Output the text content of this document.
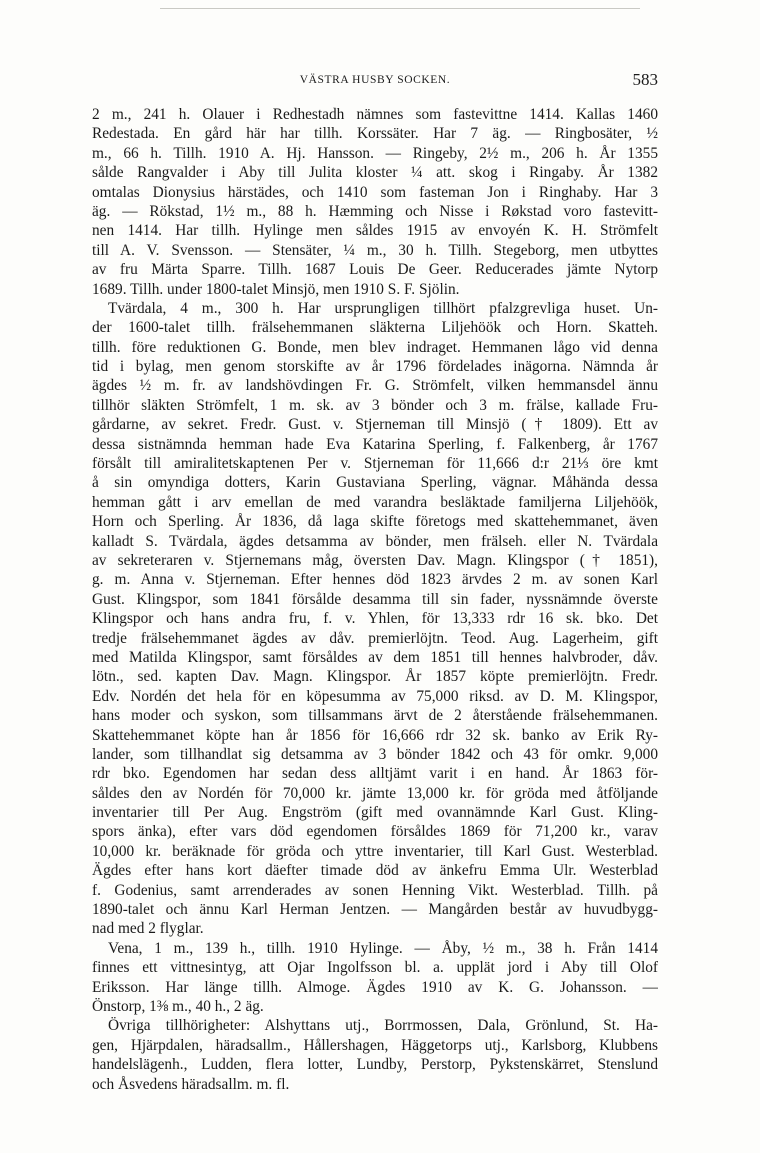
VÄSTRA HUSBY SOCKEN.	583
2 m., 241 h. Olauer i Redhestadh nämnes som fastevittne 1414. Kallas 1460
Redestada. En gård här har tillh. Korssäter. Har 7 äg. — Ringbosäter, ½
m., 66 h. Tillh. 1910 A. Hj. Hansson. — Ringeby, 2½ m., 206 h. År 1355
sålde Rangvalder i Aby till Julita kloster ¼ att. skog i Ringaby. År 1382
omtalas Dionysius härstädes, och 1410 som fasteman Jon i Ringhaby. Har 3
äg. — Rökstad, 1½ m., 88 h. Hæmming och Nisse i Røkstad voro fastevitt-
nen 1414. Har tillh. Hylinge men såldes 1915 av envoyén K. H. Strömfelt
till A. V. Svensson. — Stensäter, ¼ m., 30 h. Tillh. Stegeborg, men utbyttes
av fru Märta Sparre. Tillh. 1687 Louis De Geer. Reducerades jämte Nytorp
1689. Tillh. under 1800-talet Minsjö, men 1910 S. F. Sjölin.
Tvärdala, 4 m., 300 h. Har ursprungligen tillhört pfalzgrevliga huset. Un-
der 1600-talet tillh. frälsehemmanen släkterna Liljehöök och Horn. Skatteh.
tillh. före reduktionen G. Bonde, men blev indraget. Hemmanen lågo vid denna
tid i bylag, men genom storskifte av år 1796 fördelades inägorna. Nämnda år
ägdes ½ m. fr. av landshövdingen Fr. G. Strömfelt, vilken hemmansdel ännu
tillhör släkten Strömfelt, 1 m. sk. av 3 bönder och 3 m. frälse, kallade Fru-
gårdarne, av sekret. Fredr. Gust. v. Stjerneman till Minsjö († 1809). Ett av
dessa sistnämnda hemman hade Eva Katarina Sperling, f. Falkenberg, år 1767
försålt till amiralitetskaptenen Per v. Stjerneman för 11,666 d:r 21⅓ öre kmt
å sin omyndiga dotters, Karin Gustaviana Sperling, vägnar. Måhända dessa
hemman gått i arv emellan de med varandra besläktade familjerna Liljehöök,
Horn och Sperling. År 1836, då laga skifte företogs med skattehemmanet, även
kalladt S. Tvärdala, ägdes detsamma av bönder, men frälseh. eller N. Tvärdala
av sekreteraren v. Stjernemans måg, översten Dav. Magn. Klingspor († 1851),
g. m. Anna v. Stjerneman. Efter hennes död 1823 ärvdes 2 m. av sonen Karl
Gust. Klingspor, som 1841 försålde desamma till sin fader, nyssnämnde överste
Klingspor och hans andra fru, f. v. Yhlen, för 13,333 rdr 16 sk. bko. Det
tredje frälsehemmanet ägdes av dåv. premierlöjtn. Teod. Aug. Lagerheim, gift
med Matilda Klingspor, samt försåldes av dem 1851 till hennes halvbroder, dåv.
lötn., sed. kapten Dav. Magn. Klingspor. År 1857 köpte premierlöjtn. Fredr.
Edv. Nordén det hela för en köpesumma av 75,000 riksd. av D. M. Klingspor,
hans moder och syskon, som tillsammans ärvt de 2 återstående frälsehemmanen.
Skattehemmanet köpte han år 1856 för 16,666 rdr 32 sk. banko av Erik Ry-
lander, som tillhandlat sig detsamma av 3 bönder 1842 och 43 för omkr. 9,000
rdr bko. Egendomen har sedan dess alltjämt varit i en hand. År 1863 för-
såldes den av Nordén för 70,000 kr. jämte 13,000 kr. för gröda med åtföljande
inventarier till Per Aug. Engström (gift med ovannämnde Karl Gust. Kling-
spors änka), efter vars död egendomen försåldes 1869 för 71,200 kr., varav
10,000 kr. beräknade för gröda och yttre inventarier, till Karl Gust. Westerblad.
Ägdes efter hans kort däefter timade död av änkefru Emma Ulr. Westerblad
f. Godenius, samt arrenderades av sonen Henning Vikt. Westerblad. Tillh. på
1890-talet och ännu Karl Herman Jentzen. — Mangården består av huvudbygg-
nad med 2 flyglar.
Vena, 1 m., 139 h., tillh. 1910 Hylinge. — Åby, ½ m., 38 h. Från 1414
finnes ett vittnesintyg, att Ojar Ingolfsson bl. a. upplät jord i Aby till Olof
Eriksson. Har länge tillh. Almoge. Ägdes 1910 av K. G. Johansson. —
Önstorp, 1⅜ m., 40 h., 2 äg.
Övriga tillhörigheter: Alshyttans utj., Borrmossen, Dala, Grönlund, St. Ha-
gen, Hjärpdalen, häradsallm., Hållershagen, Häggetorps utj., Karlsborg, Klubbens
handelslägenh., Ludden, flera lotter, Lundby, Perstorp, Pykstenskärret, Stenslund
och Åsvedens häradsallm. m. fl.
